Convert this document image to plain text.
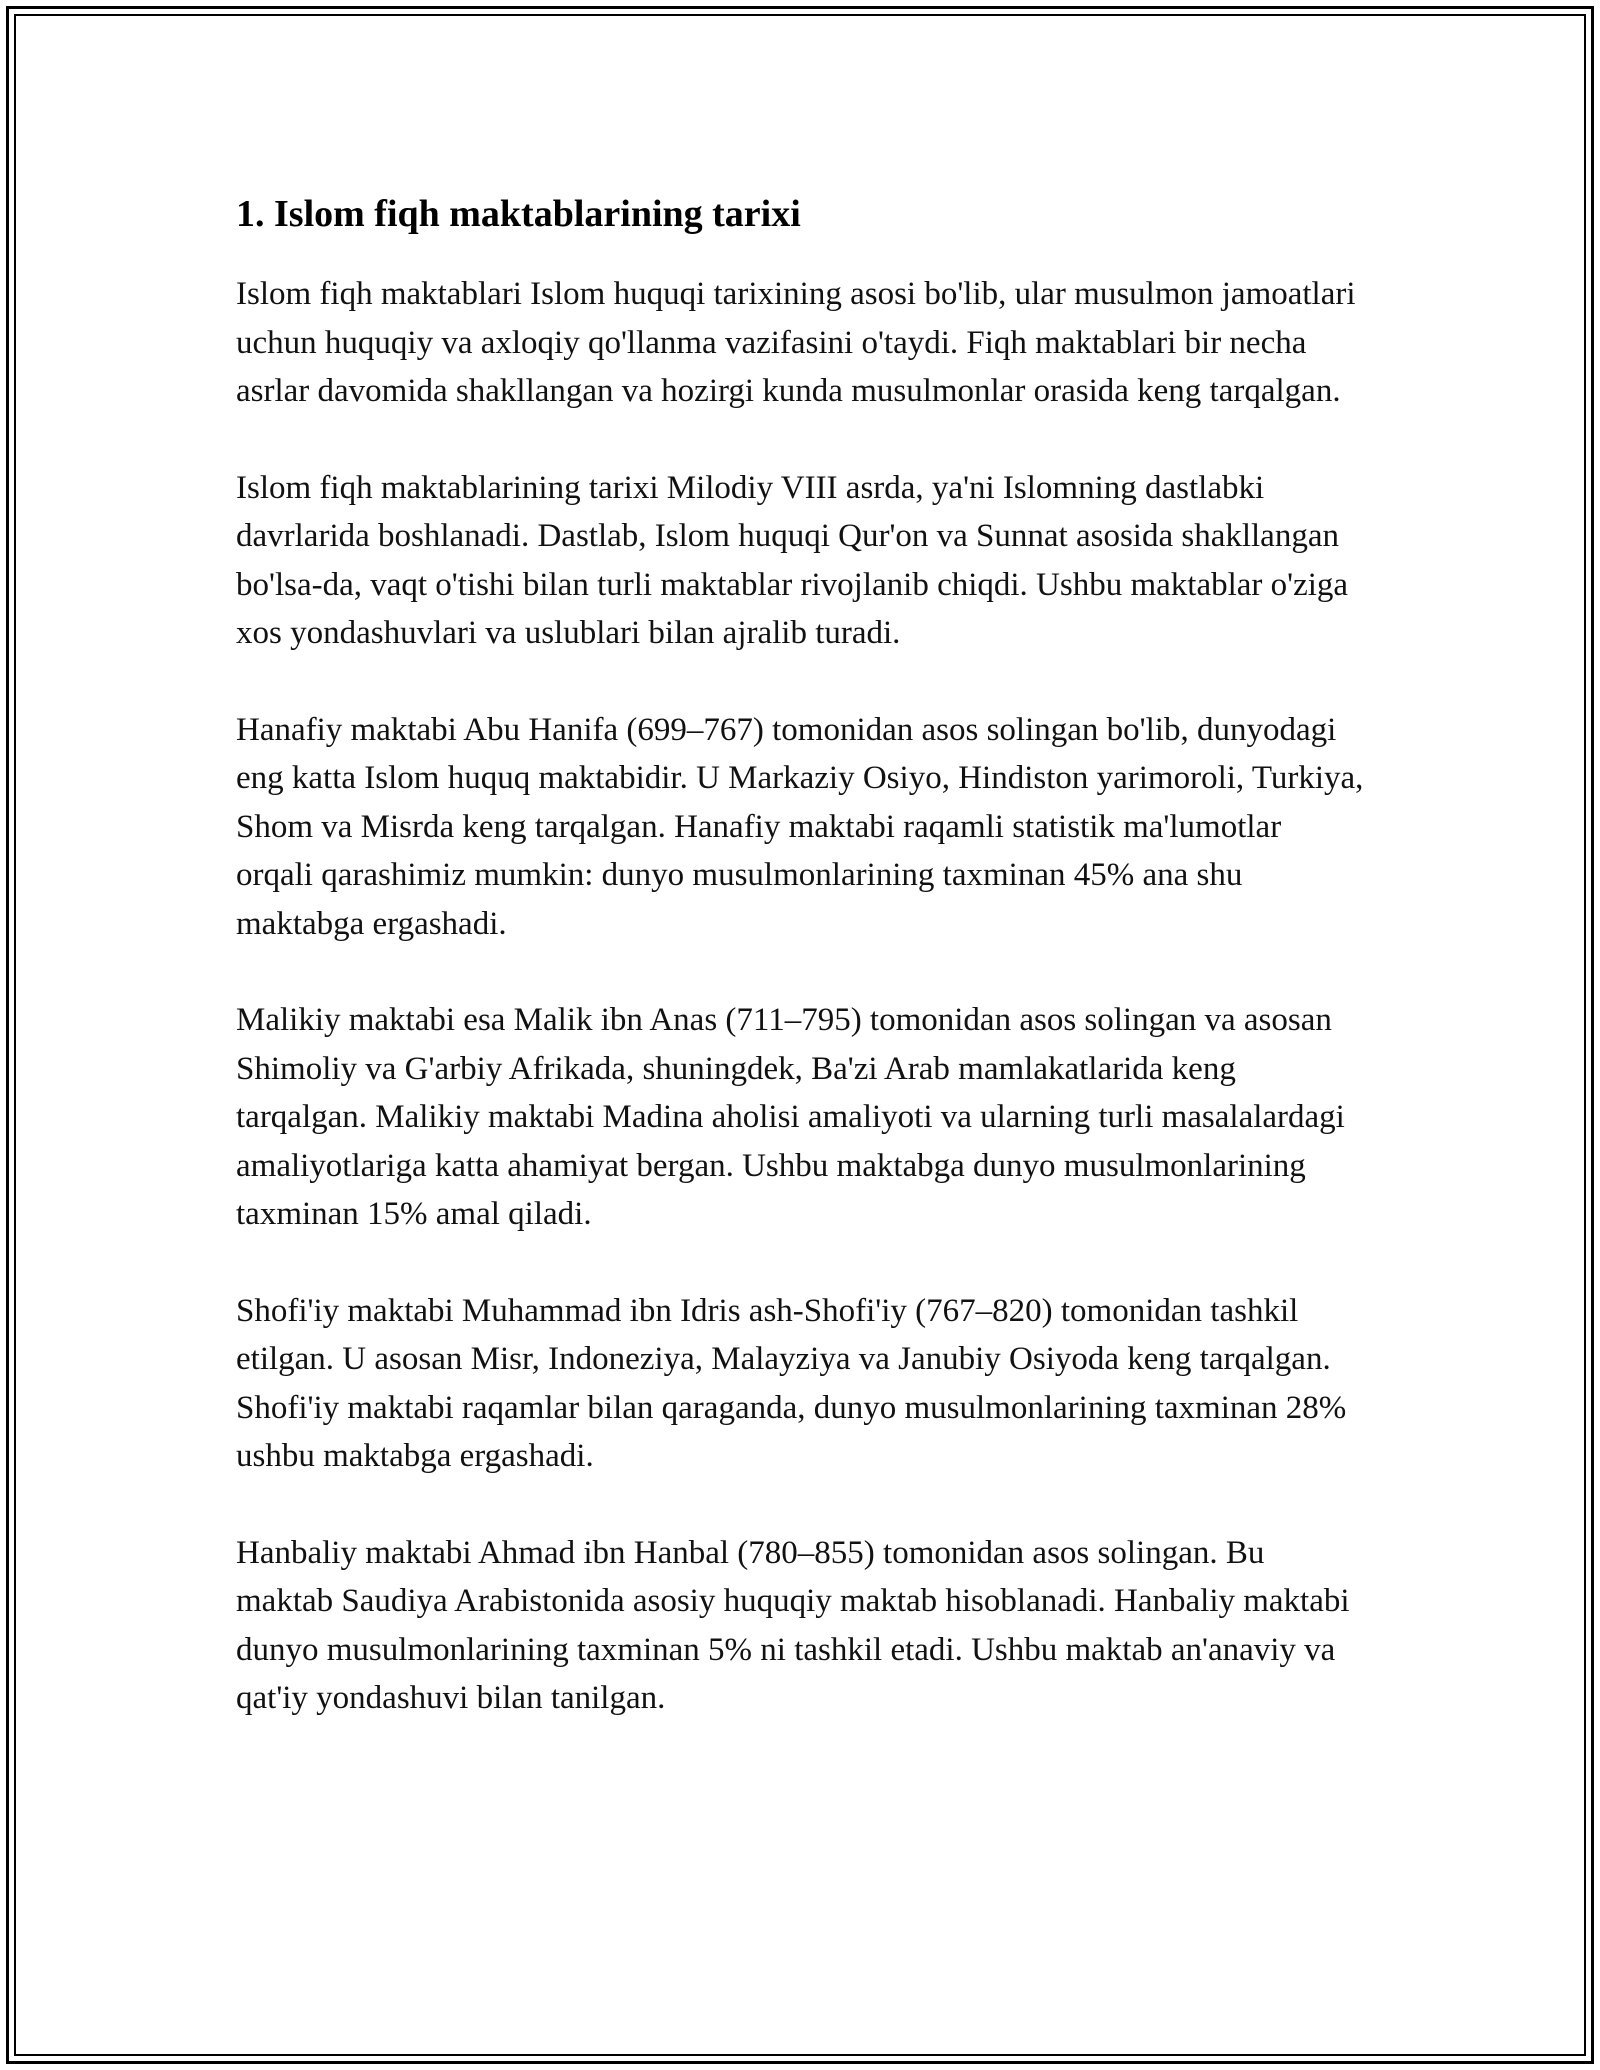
1. Islom fiqh maktablarining tarixi

Islom fiqh maktablari Islom huquqi tarixining asosi bo'lib, ular musulmon jamoatlari uchun huquqiy va axloqiy qo'llanma vazifasini o'taydi. Fiqh maktablari bir necha asrlar davomida shakllangan va hozirgi kunda musulmonlar orasida keng tarqalgan.

Islom fiqh maktablarining tarixi Milodiy VIII asrda, ya'ni Islomning dastlabki davrlarida boshlanadi. Dastlab, Islom huquqi Qur'on va Sunnat asosida shakllangan bo'lsa-da, vaqt o'tishi bilan turli maktablar rivojlanib chiqdi. Ushbu maktablar o'ziga xos yondashuvlari va uslublari bilan ajralib turadi.

Hanafiy maktabi Abu Hanifa (699–767) tomonidan asos solingan bo'lib, dunyodagi eng katta Islom huquq maktabidir. U Markaziy Osiyo, Hindiston yarimoroli, Turkiya, Shom va Misrda keng tarqalgan. Hanafiy maktabi raqamli statistik ma'lumotlar orqali qarashimiz mumkin: dunyo musulmonlarining taxminan 45% ana shu maktabga ergashadi.

Malikiy maktabi esa Malik ibn Anas (711–795) tomonidan asos solingan va asosan Shimoliy va G'arbiy Afrikada, shuningdek, Ba'zi Arab mamlakatlarida keng tarqalgan. Malikiy maktabi Madina aholisi amaliyoti va ularning turli masalalardagi amaliyotlariga katta ahamiyat bergan. Ushbu maktabga dunyo musulmonlarining taxminan 15% amal qiladi.

Shofi'iy maktabi Muhammad ibn Idris ash-Shofi'iy (767–820) tomonidan tashkil etilgan. U asosan Misr, Indoneziya, Malayziya va Janubiy Osiyoda keng tarqalgan. Shofi'iy maktabi raqamlar bilan qaraganda, dunyo musulmonlarining taxminan 28% ushbu maktabga ergashadi.

Hanbaliy maktabi Ahmad ibn Hanbal (780–855) tomonidan asos solingan. Bu maktab Saudiya Arabistonida asosiy huquqiy maktab hisoblanadi. Hanbaliy maktabi dunyo musulmonlarining taxminan 5% ni tashkil etadi. Ushbu maktab an'anaviy va qat'iy yondashuvi bilan tanilgan.
